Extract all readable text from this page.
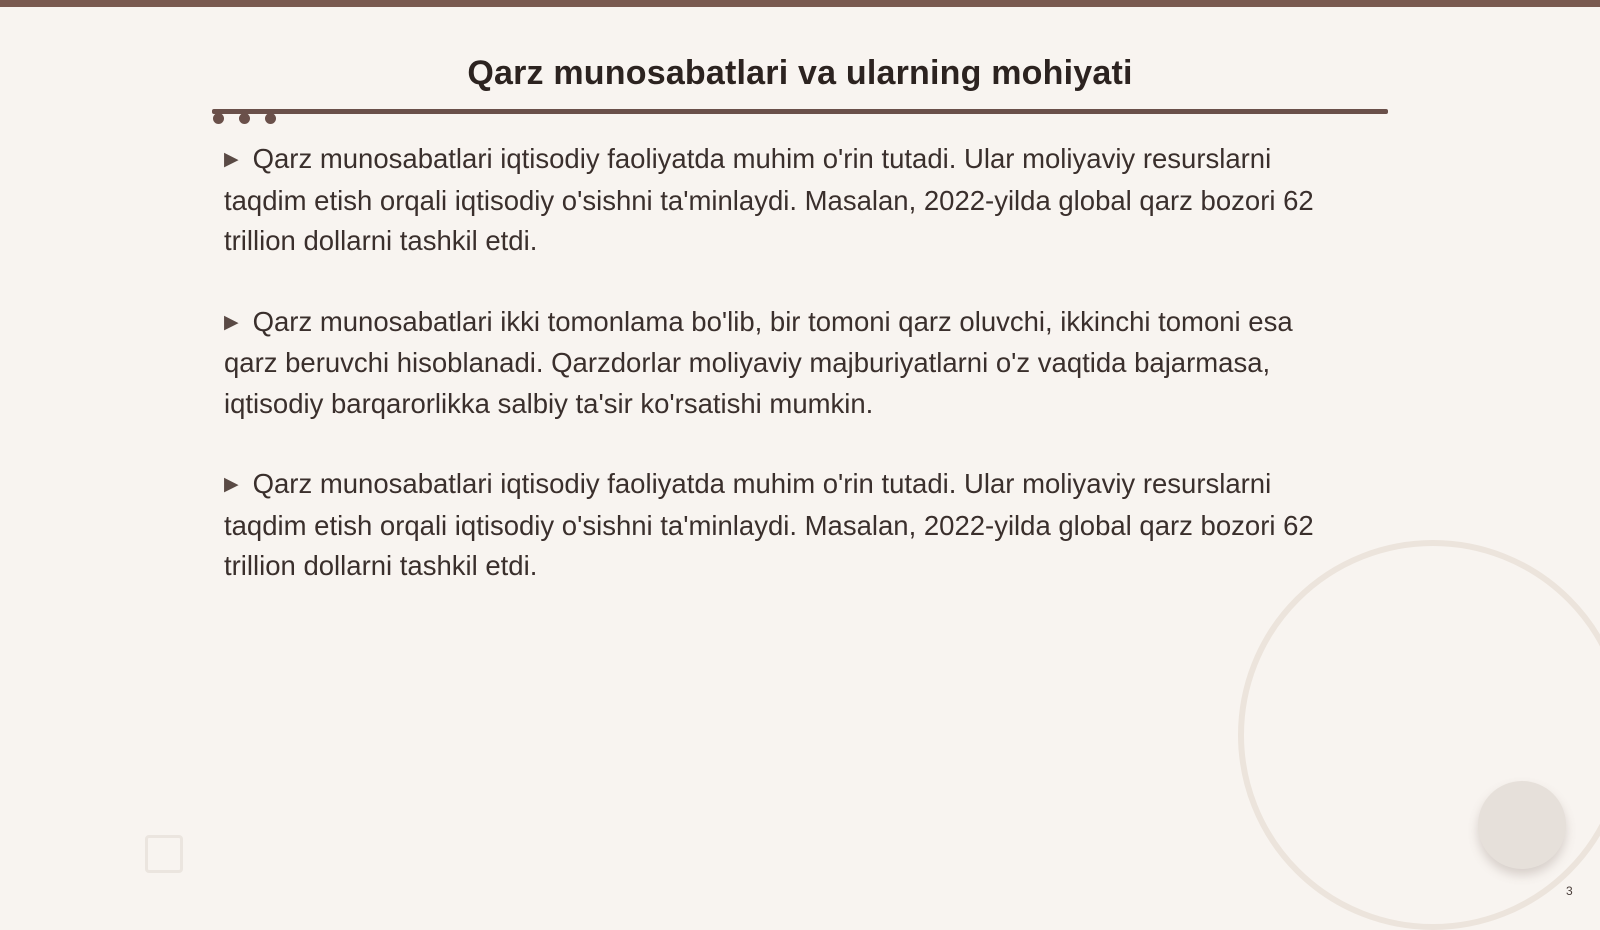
Qarz munosabatlari va ularning mohiyati
▶ Qarz munosabatlari iqtisodiy faoliyatda muhim o'rin tutadi. Ular moliyaviy resurslarni taqdim etish orqali iqtisodiy o'sishni ta'minlaydi. Masalan, 2022-yilda global qarz bozori 62 trillion dollarni tashkil etdi.
▶ Qarz munosabatlari ikki tomonlama bo'lib, bir tomoni qarz oluvchi, ikkinchi tomoni esa qarz beruvchi hisoblanadi. Qarzdorlar moliyaviy majburiyatlarni o'z vaqtida bajarmasa, iqtisodiy barqarorlikka salbiy ta'sir ko'rsatishi mumkin.
▶ Qarz munosabatlari iqtisodiy faoliyatda muhim o'rin tutadi. Ular moliyaviy resurslarni taqdim etish orqali iqtisodiy o'sishni ta'minlaydi. Masalan, 2022-yilda global qarz bozori 62 trillion dollarni tashkil etdi.
3
